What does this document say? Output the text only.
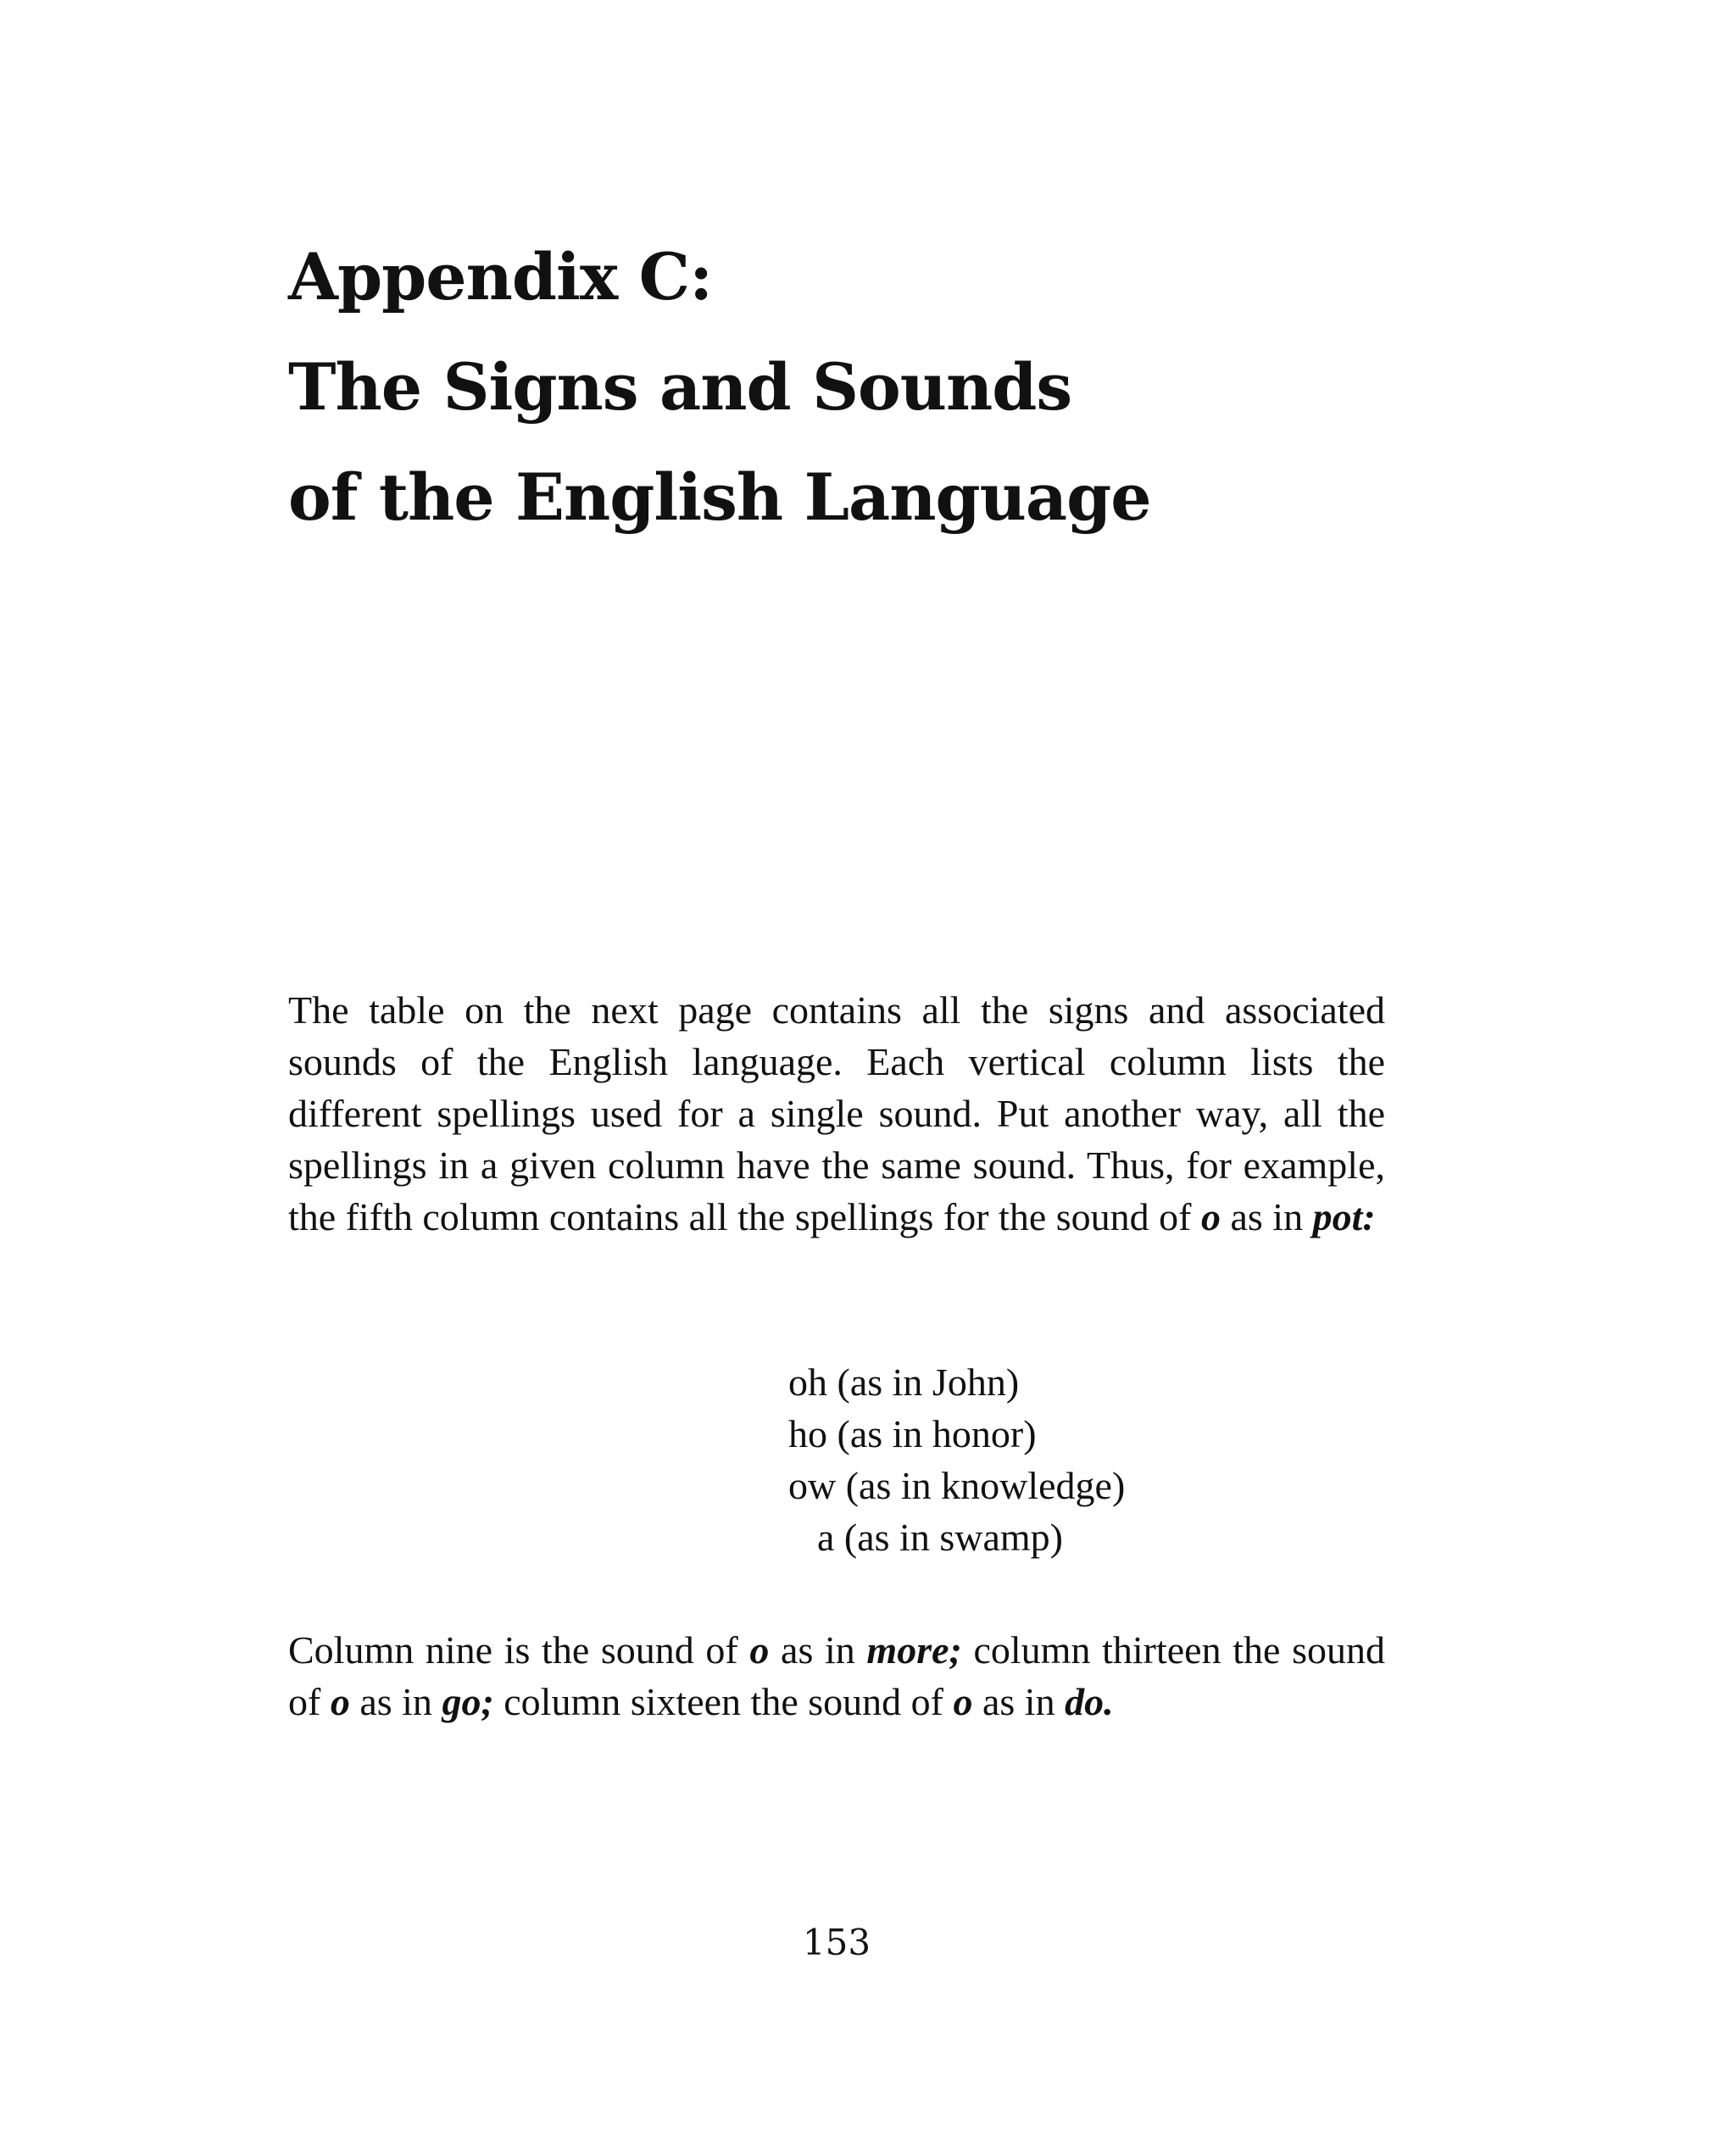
Appendix C:
The Signs and Sounds
of the English Language

The table on the next page contains all the signs and associated sounds of the English language. Each vertical column lists the different spellings used for a single sound. Put another way, all the spellings in a given column have the same sound. Thus, for example, the fifth column contains all the spellings for the sound of o as in pot:

oh (as in John)
ho (as in honor)
ow (as in knowledge)
a (as in swamp)

Column nine is the sound of o as in more; column thirteen the sound of o as in go; column sixteen the sound of o as in do.

153
